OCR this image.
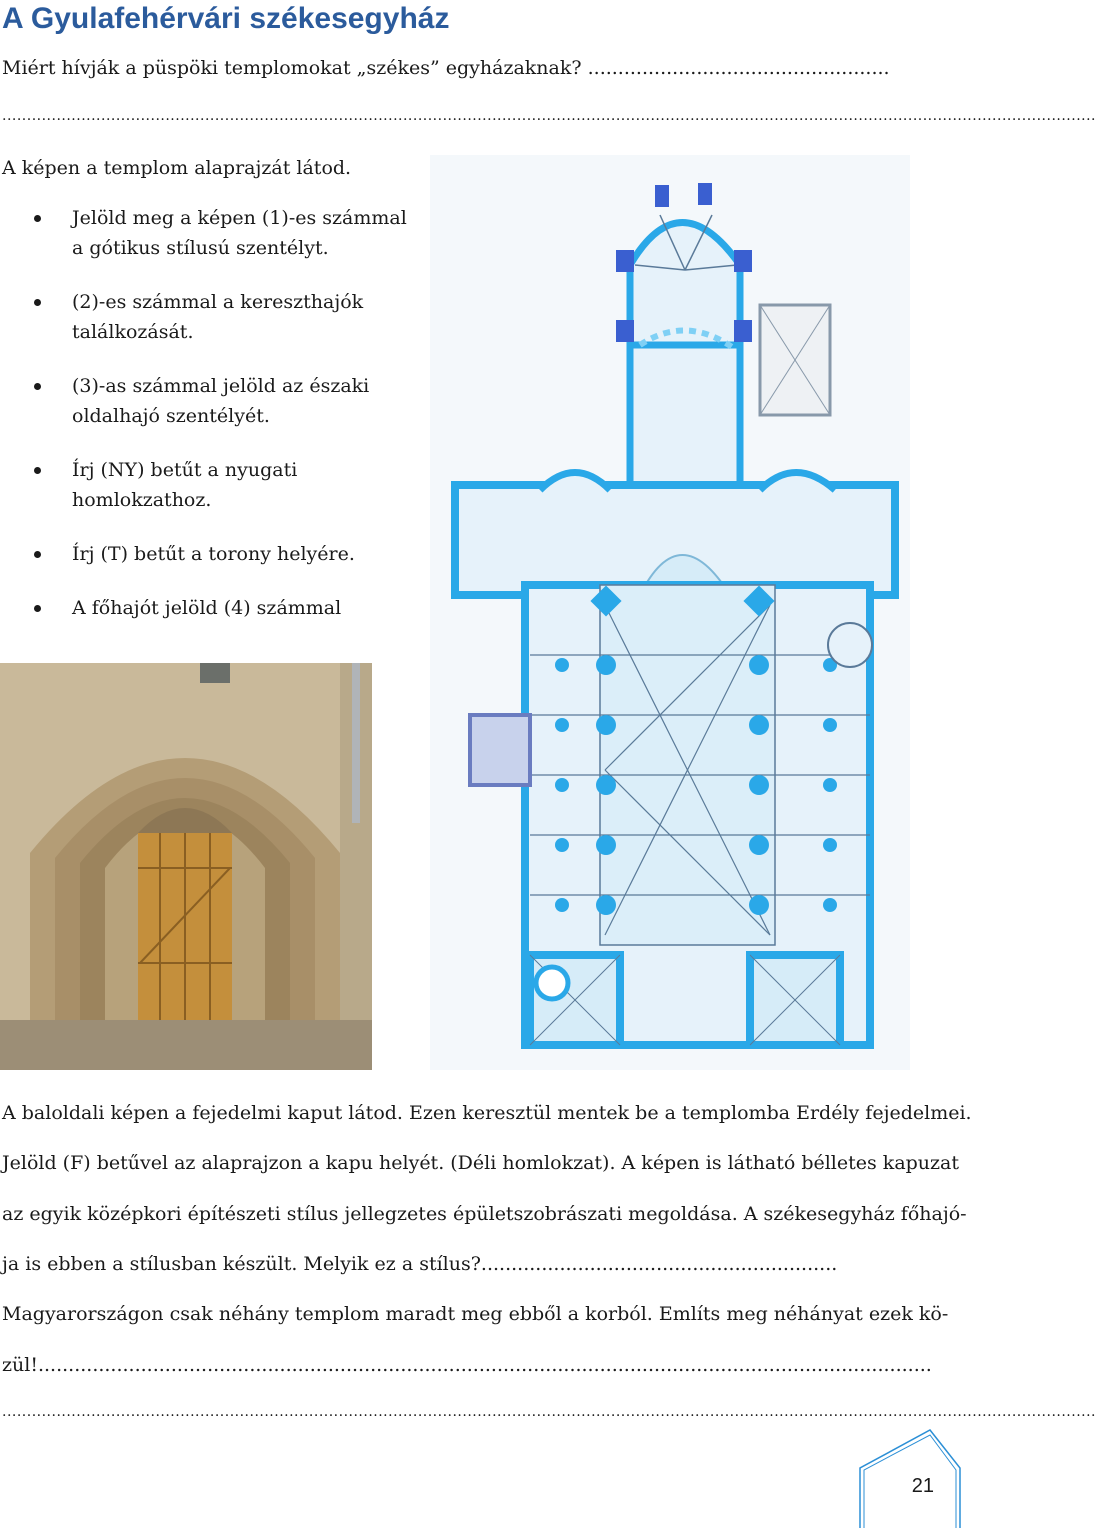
A Gyulafehérvári székesegyház
Miért hívják a püspöki templomokat „székes” egyházaknak? ..................................................
.............................................................................................................................................................................................................................
A képen a templom alaprajzát látod.
Jelöld meg a képen (1)-es számmal a gótikus stílusú szentélyt.
(2)-es számmal a kereszthajók találkozását.
(3)-as számmal jelöld az északi oldalhajó szentélyét.
Írj (NY) betűt a nyugati homlokzathoz.
Írj (T) betűt a torony helyére.
A főhajót jelöld (4) számmal
A baloldali képen a fejedelmi kaput látod. Ezen keresztül mentek be a templomba Erdély fejedelmei.
Jelöld (F) betűvel az alaprajzon a kapu helyét. (Déli homlokzat). A képen is látható bélletes kapuzat
az egyik középkori építészeti stílus jellegzetes épületszobrászati megoldása. A székesegyház főhajó-
ja is ebben a stílusban készült. Melyik ez a stílus?...........................................................
Magyarországon csak néhány templom maradt meg ebből a korból. Említs meg néhányat ezek kö-
zül!....................................................................................................................................................
.............................................................................................................................................................................................................................
21
